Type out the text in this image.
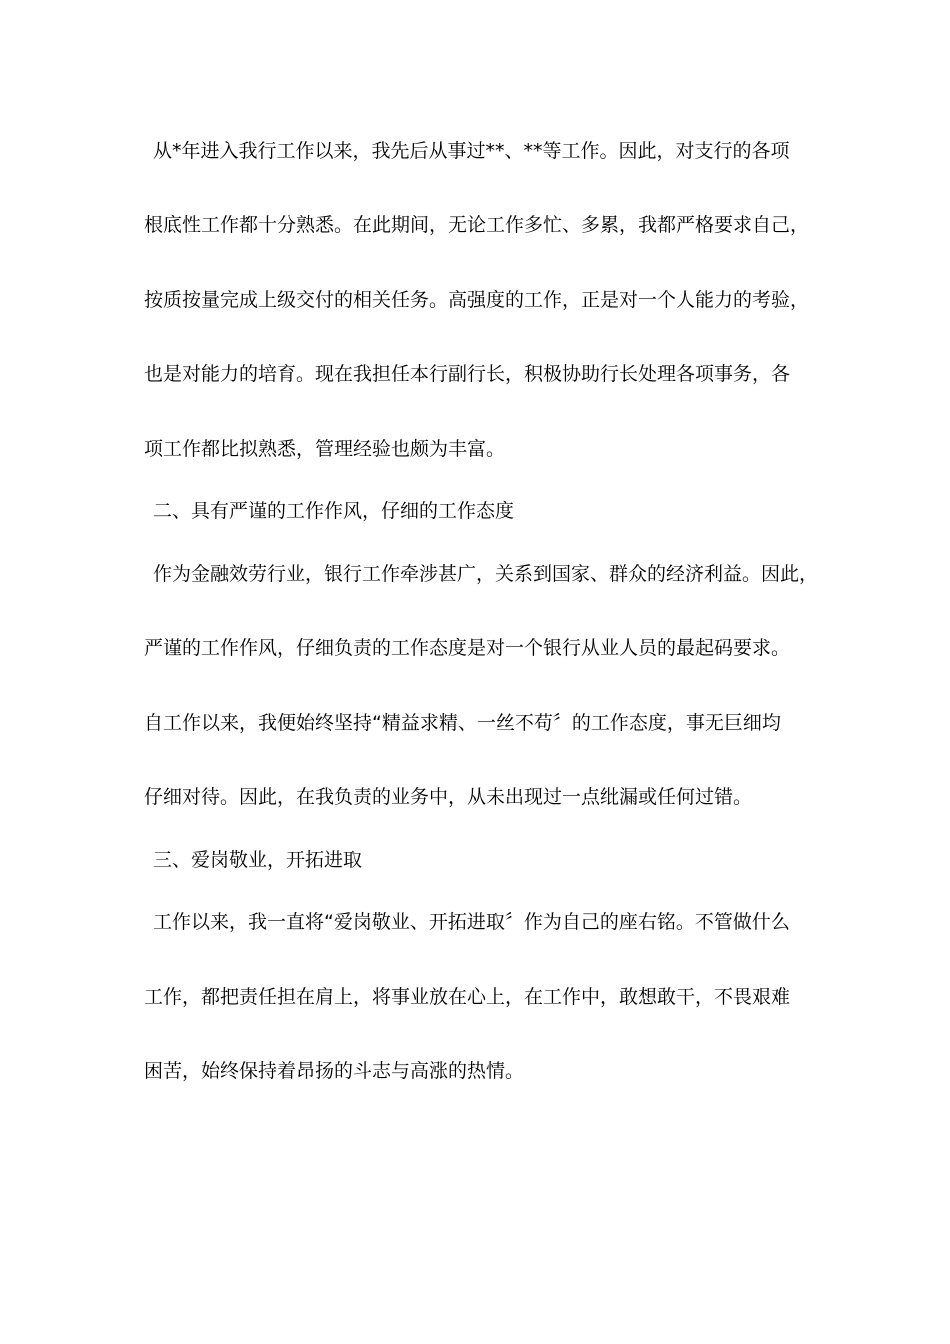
从*年进入我行工作以来，我先后从事过**、**等工作。因此，对支行的各项
根底性工作都十分熟悉。在此期间，无论工作多忙、多累，我都严格要求自己，
按质按量完成上级交付的相关任务。高强度的工作，正是对一个人能力的考验，
也是对能力的培育。现在我担任本行副行长，积极协助行长处理各项事务，各
项工作都比拟熟悉，管理经验也颇为丰富。
二、具有严谨的工作作风，仔细的工作态度
作为金融效劳行业，银行工作牵涉甚广，关系到国家、群众的经济利益。因此，
严谨的工作作风，仔细负责的工作态度是对一个银行从业人员的最起码要求。
自工作以来，我便始终坚持“精益求精、一丝不苟〞的工作态度，事无巨细均
仔细对待。因此，在我负责的业务中，从未出现过一点纰漏或任何过错。
三、爱岗敬业，开拓进取
工作以来，我一直将“爱岗敬业、开拓进取〞作为自己的座右铭。不管做什么
工作，都把责任担在肩上，将事业放在心上，在工作中，敢想敢干，不畏艰难
困苦，始终保持着昂扬的斗志与高涨的热情。
